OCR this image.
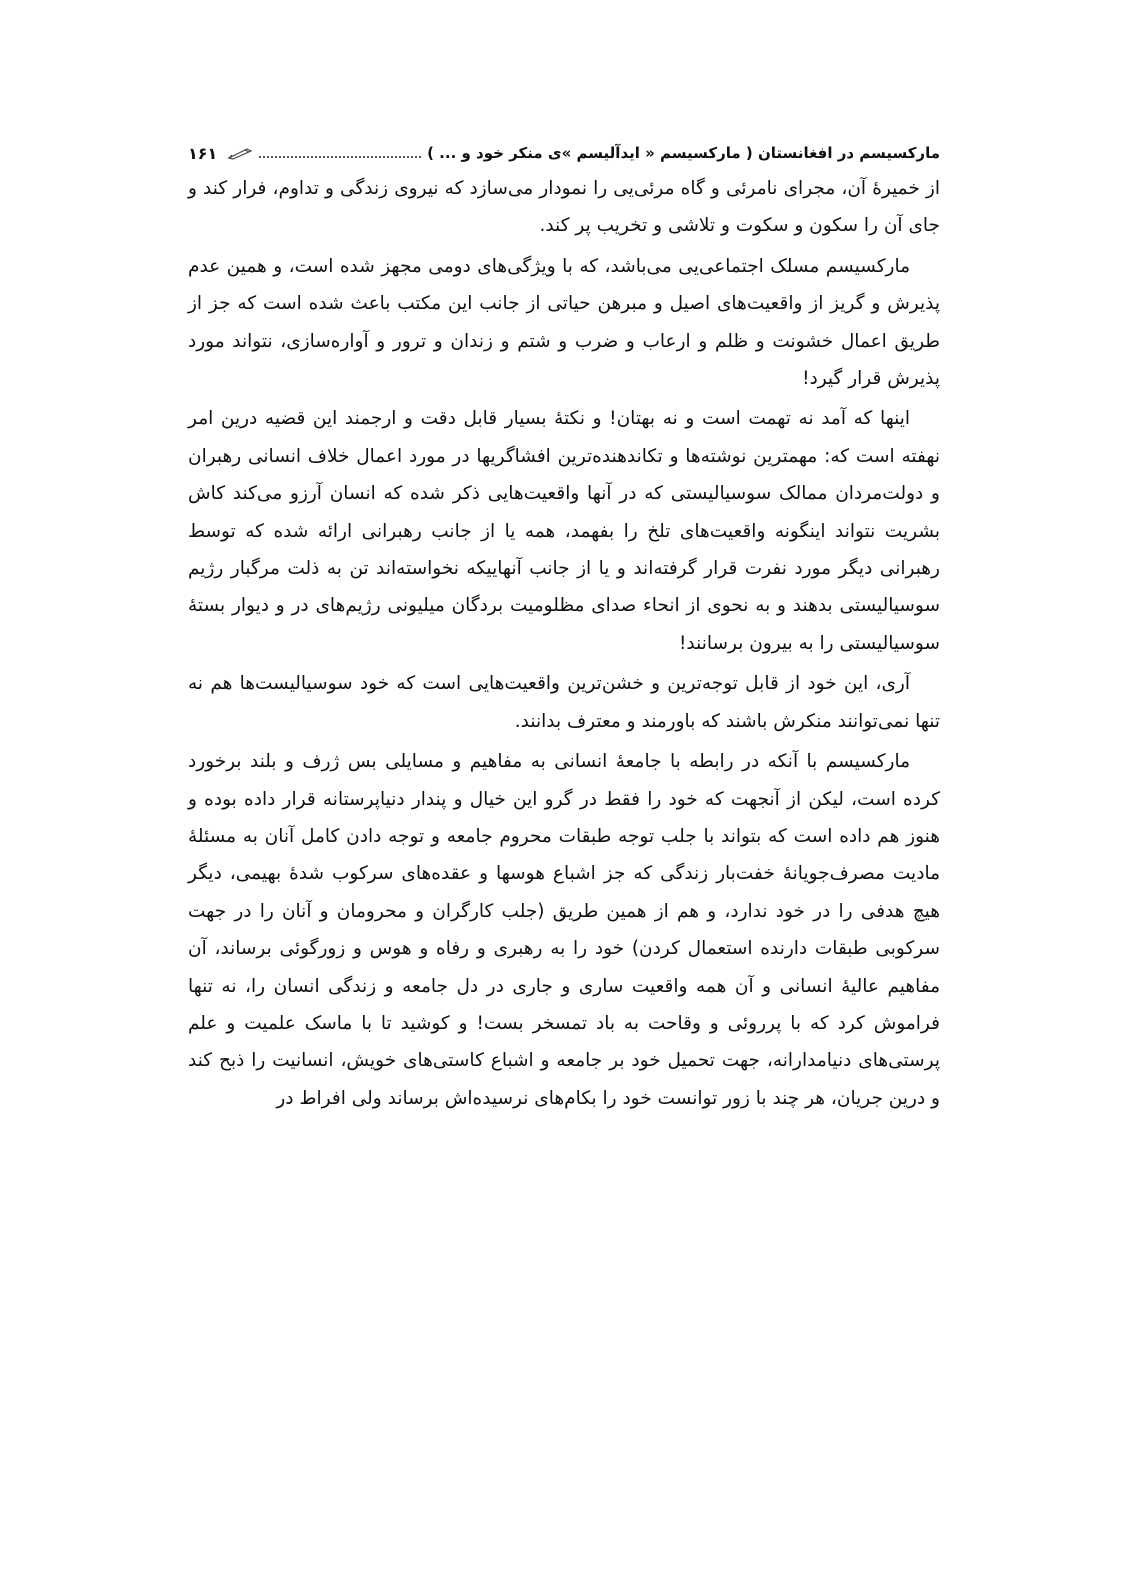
مارکسیسم در افغانستان ( مارکسیسم « ایدآلیسم »ی منکر خود و ... )
۱۶۱

از خمیرهٔ آن، مجرای نامرئی و گاه مرئی‌یی را نمودار می‌سازد که نیروی زندگی و تداوم، فرار کند و جای آن را سکون و سکوت و تلاشی و تخریب پر کند.

مارکسیسم مسلک اجتماعی‌یی می‌باشد، که با ویژگی‌های دومی مجهز شده است، و همین عدم پذیرش و گریز از واقعیت‌های اصیل و مبرهن حیاتی از جانب این مکتب باعث شده است که جز از طریق اعمال خشونت و ظلم و ارعاب و ضرب و شتم و زندان و ترور و آواره‌سازی، نتواند مورد پذیرش قرار گیرد!

اینها که آمد نه تهمت است و نه بهتان! و نکتهٔ بسیار قابل دقت و ارجمند این قضیه درین امر نهفته است که: مهمترین نوشته‌ها و تکاندهنده‌ترین افشاگریها در مورد اعمال خلاف انسانی رهبران و دولت‌مردان ممالک سوسیالیستی که در آنها واقعیت‌هایی ذکر شده که انسان آرزو می‌کند کاش بشریت نتواند اینگونه واقعیت‌های تلخ را بفهمد، همه یا از جانب رهبرانی ارائه شده که توسط رهبرانی دیگر مورد نفرت قرار گرفته‌اند و یا از جانب آنهاییکه نخواسته‌اند تن به ذلت مرگبار رژیم سوسیالیستی بدهند و به نحوی از انحاء صدای مظلومیت بردگان میلیونی رژیم‌های در و دیوار بستهٔ سوسیالیستی را به بیرون برسانند!

آری، این خود از قابل توجه‌ترین و خشن‌ترین واقعیت‌هایی است که خود سوسیالیست‌ها هم نه تنها نمی‌توانند منکرش باشند که باورمند و معترف بدانند.

مارکسیسم با آنکه در رابطه با جامعهٔ انسانی به مفاهیم و مسایلی بس ژرف و بلند برخورد کرده است، لیکن از آنجهت که خود را فقط در گرو این خیال و پندار دنیاپرستانه قرار داده بوده و هنوز هم داده است که بتواند با جلب توجه طبقات محروم جامعه و توجه دادن کامل آنان به مسئلهٔ مادیت مصرف‌جویانهٔ خفت‌بار زندگی که جز اشباع هوسها و عقده‌های سرکوب شدهٔ بهیمی، دیگر هیچ هدفی را در خود ندارد، و هم از همین طریق (جلب کارگران و محرومان و آنان را در جهت سرکوبی طبقات دارنده استعمال کردن) خود را به رهبری و رفاه و هوس و زورگوئی برساند، آن مفاهیم عالیهٔ انسانی و آن همه واقعیت ساری و جاری در دل جامعه و زندگی انسان را، نه تنها فراموش کرد که با پرروئی و وقاحت به باد تمسخر بست! و کوشید تا با ماسک علمیت و علم پرستی‌های دنیامدارانه، جهت تحمیل خود بر جامعه و اشباع کاستی‌های خویش، انسانیت را ذبح کند و درین جریان، هر چند با زور توانست خود را بکام‌های نرسیده‌اش برساند ولی افراط در
